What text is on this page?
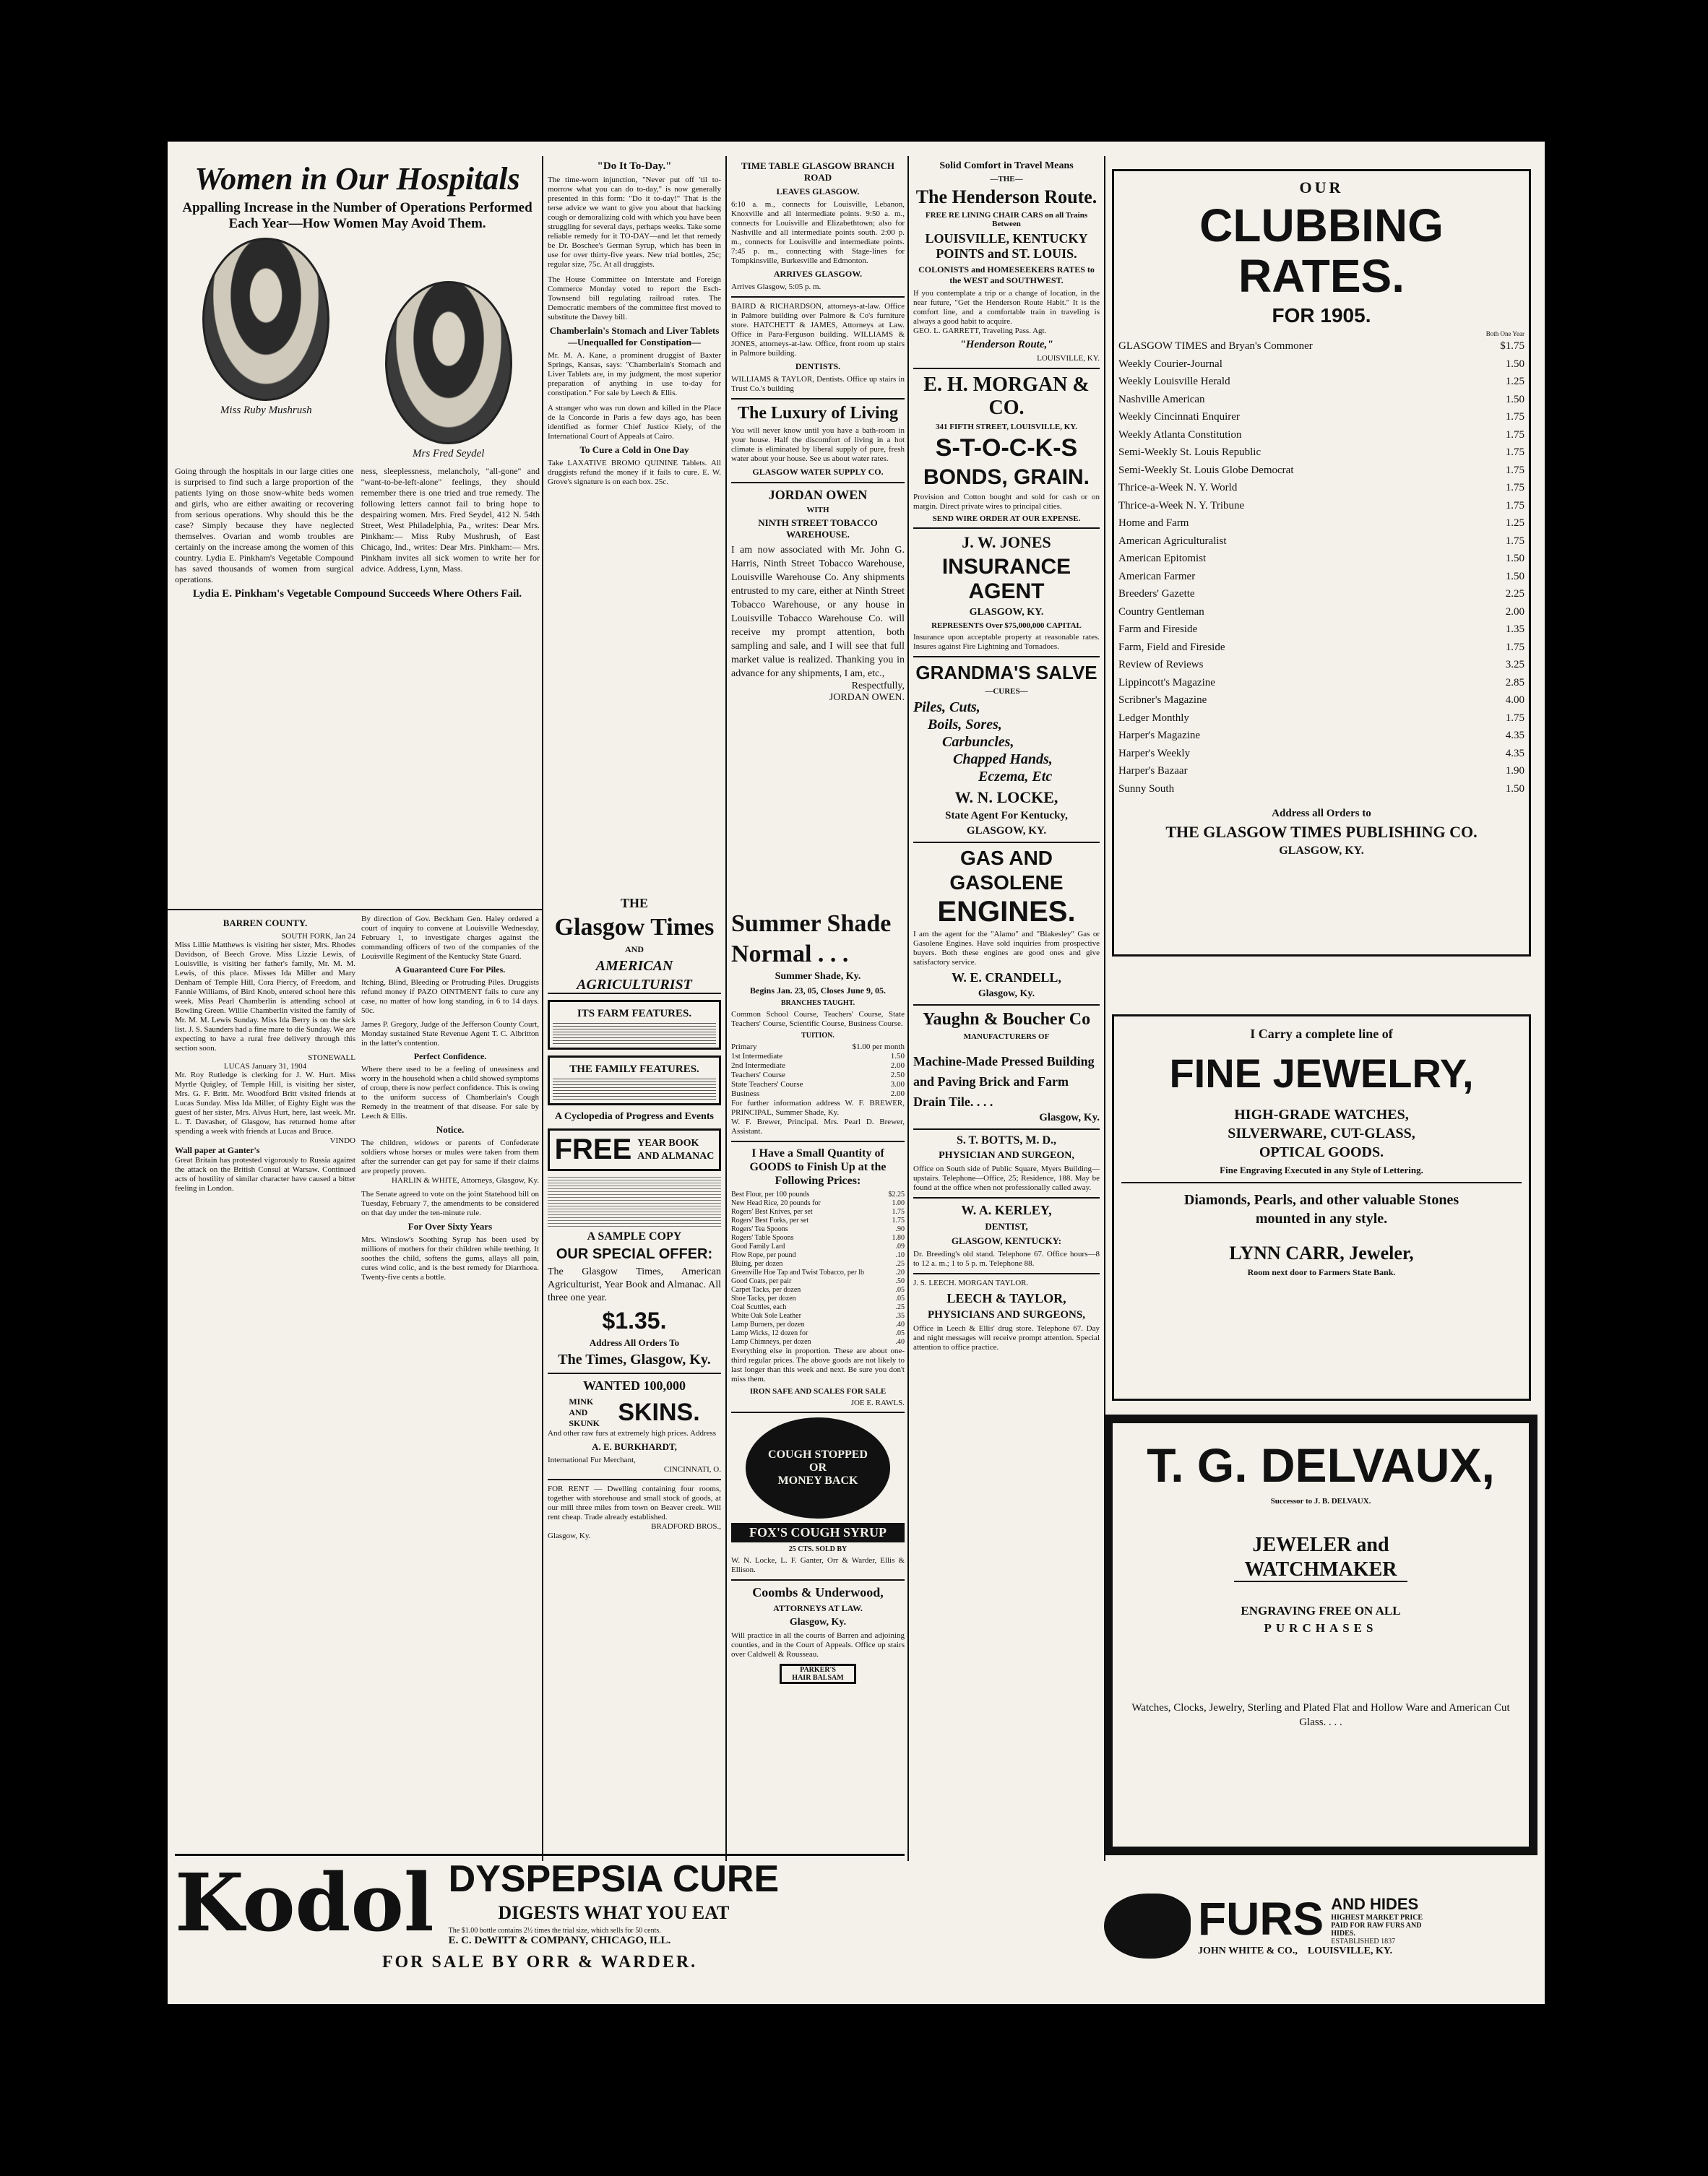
Women in Our Hospitals
Appalling Increase in the Number of Operations Performed Each Year—How Women May Avoid Them.
Miss Ruby Mushrush
Mrs Fred Seydel

Going through the hospitals in our large cities one is surprised to find such a large proportion of the patients lying on those snow-white beds women and girls, who are either awaiting or recovering from serious operations. Why should this be the case? Simply because they have neglected themselves. Ovarian and womb troubles are certainly on the increase among the women of this country. Lydia E. Pinkham's Vegetable Compound has saved thousands of women from surgical operations.

ness, sleeplessness, melancholy, "all-gone" and "want-to-be-left-alone" feelings, they should remember there is one tried and true remedy. The following letters cannot fail to bring hope to despairing women. Mrs. Fred Seydel, 412 N. 54th Street, West Philadelphia, Pa., writes: Dear Mrs. Pinkham:— Miss Ruby Mushrush, of East Chicago, Ind., writes: Dear Mrs. Pinkham:— Mrs. Pinkham invites all sick women to write her for advice. Address, Lynn, Mass.

Lydia E. Pinkham's Vegetable Compound Succeeds Where Others Fail.
"Do It To-Day."

The time-worn injunction, "Never put off 'til to-morrow what you can do to-day," is now generally presented in this form: "Do it to-day!" That is the terse advice we want to give you about that hacking cough or demoralizing cold with which you have been struggling for several days, perhaps weeks. Take some reliable remedy for it TO-DAY—and let that remedy be Dr. Boschee's German Syrup, which has been in use for over thirty-five years. New trial bottles, 25c; regular size, 75c. At all druggists.

The House Committee on Interstate and Foreign Commerce Monday voted to report the Esch-Townsend bill regulating railroad rates. The Democratic members of the committee first moved to substitute the Davey bill.

Chamberlain's Stomach and Liver Tablets —Unequalled for Constipation—

Mr. M. A. Kane, a prominent druggist of Baxter Springs, Kansas, says: "Chamberlain's Stomach and Liver Tablets are, in my judgment, the most superior preparation of anything in use to-day for constipation." For sale by Leech & Ellis.

A stranger who was run down and killed in the Place de la Concorde in Paris a few days ago, has been identified as former Chief Justice Kiely, of the International Court of Appeals at Cairo.

To Cure a Cold in One Day

Take LAXATIVE BROMO QUININE Tablets. All druggists refund the money if it fails to cure. E. W. Grove's signature is on each box. 25c.

TIME TABLE GLASGOW BRANCH ROAD
LEAVES GLASGOW.

6:10 a. m., connects for Louisville, Lebanon, Knoxville and all intermediate points. 9:50 a. m., connects for Louisville and Elizabethtown; also for Nashville and all intermediate points south. 2:00 p. m., connects for Louisville and intermediate points. 7:45 p. m., connecting with Stage-lines for Tompkinsville, Burkesville and Edmonton.

ARRIVES GLASGOW.

Arrives Glasgow, 5:05 p. m.

BAIRD & RICHARDSON, attorneys-at-law. Office in Palmore building over Palmore & Co's furniture store. HATCHETT & JAMES, Attorneys at Law. Office in Para-Ferguson building. WILLIAMS & JONES, attorneys-at-law. Office, front room up stairs in Palmore building.

DENTISTS.

WILLIAMS & TAYLOR, Dentists. Office up stairs in Trust Co.'s building

The Luxury of Living

You will never know until you have a bath-room in your house. Half the discomfort of living in a hot climate is eliminated by liberal supply of pure, fresh water about your house. See us about water rates.

GLASGOW WATER SUPPLY CO.
JORDAN OWEN
WITH
NINTH STREET TOBACCO WAREHOUSE.

I am now associated with Mr. John G. Harris, Ninth Street Tobacco Warehouse, Louisville Warehouse Co. Any shipments entrusted to my care, either at Ninth Street Tobacco Warehouse, or any house in Louisville Tobacco Warehouse Co. will receive my prompt attention, both sampling and sale, and I will see that full market value is realized. Thanking you in advance for any shipments, I am, etc.,

Respectfully,
JORDAN OWEN.
Solid Comfort in Travel Means
—THE—
The Henderson Route.
FREE RE LINING CHAIR CARS on all Trains Between
LOUISVILLE, KENTUCKY POINTS and ST. LOUIS.
COLONISTS and HOMESEEKERS RATES to the WEST and SOUTHWEST.

If you contemplate a trip or a change of location, in the near future, "Get the Henderson Route Habit." It is the comfort line, and a comfortable train in traveling is always a good habit to acquire.

GEO. L. GARRETT, Traveling Pass. Agt.
"Henderson Route,"
LOUISVILLE, KY.
E. H. MORGAN & CO.
341 FIFTH STREET, LOUISVILLE, KY.
S-T-O-C-K-S
BONDS, GRAIN.

Provision and Cotton bought and sold for cash or on margin. Direct private wires to principal cities.

SEND WIRE ORDER AT OUR EXPENSE.
J. W. JONES
INSURANCE AGENT
GLASGOW, KY.
REPRESENTS Over $75,000,000 CAPITAL

Insurance upon acceptable property at reasonable rates. Insures against Fire Lightning and Tornadoes.

GRANDMA'S SALVE
—CURES—
Piles, Cuts,
Boils, Sores,
Carbuncles,
Chapped Hands,
Eczema, Etc
W. N. LOCKE,
State Agent For Kentucky,
GLASGOW, KY.
GAS AND
GASOLENE
ENGINES.

I am the agent for the "Alamo" and "Blakesley" Gas or Gasolene Engines. Have sold inquiries from prospective buyers. Both these engines are good ones and give satisfactory service.

W. E. CRANDELL,
Glasgow, Ky.
Yaughn & Boucher Co
MANUFACTURERS OF
Machine-Made Pressed Building and Paving Brick and Farm Drain Tile. . . .
Glasgow, Ky.
S. T. BOTTS, M. D.,
PHYSICIAN AND SURGEON,

Office on South side of Public Square, Myers Building—upstairs. Telephone—Office, 25; Residence, 188. May be found at the office when not professionally called away.

W. A. KERLEY,
DENTIST,
GLASGOW, KENTUCKY:

Dr. Breeding's old stand. Telephone 67. Office hours—8 to 12 a. m.; 1 to 5 p. m. Telephone 88.

J. S. LEECH. MORGAN TAYLOR.
LEECH & TAYLOR,
PHYSICIANS AND SURGEONS,

Office in Leech & Ellis' drug store. Telephone 67. Day and night messages will receive prompt attention. Special attention to office practice.

BARREN COUNTY.
SOUTH FORK, Jan 24

Miss Lillie Matthews is visiting her sister, Mrs. Rhodes Davidson, of Beech Grove. Miss Lizzie Lewis, of Louisville, is visiting her father's family, Mr. M. M. Lewis, of this place. Misses Ida Miller and Mary Denham of Temple Hill, Cora Piercy, of Freedom, and Fannie Williams, of Bird Knob, entered school here this week. Miss Pearl Chamberlin is attending school at Bowling Green. Willie Chamberlin visited the family of Mr. M. M. Lewis Sunday. Miss Ida Berry is on the sick list. J. S. Saunders had a fine mare to die Sunday. We are expecting to have a rural free delivery through this section soon.

STONEWALL
LUCAS January 31, 1904

Mr. Roy Rutledge is clerking for J. W. Hurt. Miss Myrtle Quigley, of Temple Hill, is visiting her sister, Mrs. G. F. Britt. Mr. Woodford Britt visited friends at Lucas Sunday. Miss Ida Miller, of Eighty Eight was the guest of her sister, Mrs. Alvus Hurt, here, last week. Mr. L. T. Davasher, of Glasgow, has returned home after spending a week with friends at Lucas and Bruce.

VINDO
Wall paper at Ganter's

Great Britain has protested vigorously to Russia against the attack on the British Consul at Warsaw. Continued acts of hostility of similar character have caused a bitter feeling in London.

By direction of Gov. Beckham Gen. Haley ordered a court of inquiry to convene at Louisville Wednesday, February 1, to investigate charges against the commanding officers of two of the companies of the Louisville Regiment of the Kentucky State Guard.

A Guaranteed Cure For Piles.

Itching, Blind, Bleeding or Protruding Piles. Druggists refund money if PAZO OINTMENT fails to cure any case, no matter of how long standing, in 6 to 14 days. 50c.

James P. Gregory, Judge of the Jefferson County Court, Monday sustained State Revenue Agent T. C. Albritton in the latter's contention.

Perfect Confidence.

Where there used to be a feeling of uneasiness and worry in the household when a child showed symptoms of croup, there is now perfect confidence. This is owing to the uniform success of Chamberlain's Cough Remedy in the treatment of that disease. For sale by Leech & Ellis.

Notice.

The children, widows or parents of Confederate soldiers whose horses or mules were taken from them after the surrender can get pay for same if their claims are properly proven.

HARLIN & WHITE, Attorneys, Glasgow, Ky.

The Senate agreed to vote on the joint Statehood bill on Tuesday, February 7, the amendments to be considered on that day under the ten-minute rule.

For Over Sixty Years

Mrs. Winslow's Soothing Syrup has been used by millions of mothers for their children while teething. It soothes the child, softens the gums, allays all pain, cures wind colic, and is the best remedy for Diarrhoea. Twenty-five cents a bottle.

THE
Glasgow Times
AND
AMERICAN
AGRICULTURIST
ITS FARM FEATURES.
THE FAMILY FEATURES.
A Cyclopedia of Progress and Events
FREE YEAR BOOK
AND ALMANAC
A SAMPLE COPY
OUR SPECIAL OFFER:

The Glasgow Times, American Agriculturist, Year Book and Almanac. All three one year.

$1.35.
Address All Orders To
The Times, Glasgow, Ky.
WANTED 100,000
MINK AND SKUNK SKINS.

And other raw furs at extremely high prices. Address

A. E. BURKHARDT,
International Fur Merchant,
CINCINNATI, O.

FOR RENT — Dwelling containing four rooms, together with storehouse and small stock of goods, at our mill three miles from town on Beaver creek. Will rent cheap. Trade already established.

BRADFORD BROS.,
Glasgow, Ky.
Summer Shade
Normal . . .
Summer Shade, Ky.
Begins Jan. 23, 05, Closes June 9, 05.
BRANCHES TAUGHT.

Common School Course, Teachers' Course, State Teachers' Course, Scientific Course, Business Course.

TUITION.
Primary	$1.00 per month
1st Intermediate	1.50
2nd Intermediate	2.00
Teachers' Course	2.50
State Teachers' Course	3.00
Business	2.00

For further information address W. F. BREWER, PRINCIPAL, Summer Shade, Ky.

W. F. Brewer, Principal. Mrs. Pearl D. Brewer, Assistant.

I Have a Small Quantity of GOODS to Finish Up at the Following Prices:
Best Flour, per 100 pounds	$2.25
New Head Rice, 20 pounds for	1.00
Rogers' Best Knives, per set	1.75
Rogers' Best Forks, per set	1.75
Rogers' Tea Spoons	.90
Rogers' Table Spoons	1.80
Good Family Lard	.09
Flow Rope, per pound	.10
Bluing, per dozen	.25
Greenville Hoe Tap and Twist Tobacco, per lb	.20
Good Coats, per pair	.50
Carpet Tacks, per dozen	.05
Shoe Tacks, per dozen	.05
Coal Scuttles, each	.25
White Oak Sole Leather	.35
Lamp Burners, per dozen	.40
Lamp Wicks, 12 dozen for	.05
Lamp Chimneys, per dozen	.40

Everything else in proportion. These are about one-third regular prices. The above goods are not likely to last longer than this week and next. Be sure you don't miss them.

IRON SAFE AND SCALES FOR SALE
JOE E. RAWLS.
COUGH STOPPED
OR
MONEY BACK
FOX'S COUGH SYRUP
25 CTS. SOLD BY

W. N. Locke, L. F. Ganter, Orr & Warder, Ellis & Ellison.

Coombs & Underwood,
ATTORNEYS AT LAW.
Glasgow, Ky.

Will practice in all the courts of Barren and adjoining counties, and in the Court of Appeals. Office up stairs over Caldwell & Rousseau.

PARKER'S
HAIR BALSAM
OUR
CLUBBING RATES.
FOR 1905.
Both One Year
GLASGOW TIMES and Bryan's Commoner	$1.75
Weekly Courier-Journal	1.50
Weekly Louisville Herald	1.25
Nashville American	1.50
Weekly Cincinnati Enquirer	1.75
Weekly Atlanta Constitution	1.75
Semi-Weekly St. Louis Republic	1.75
Semi-Weekly St. Louis Globe Democrat	1.75
Thrice-a-Week N. Y. World	1.75
Thrice-a-Week N. Y. Tribune	1.75
Home and Farm	1.25
American Agriculturalist	1.75
American Epitomist	1.50
American Farmer	1.50
Breeders' Gazette	2.25
Country Gentleman	2.00
Farm and Fireside	1.35
Farm, Field and Fireside	1.75
Review of Reviews	3.25
Lippincott's Magazine	2.85
Scribner's Magazine	4.00
Ledger Monthly	1.75
Harper's Magazine	4.35
Harper's Weekly	4.35
Harper's Bazaar	1.90
Sunny South	1.50
Address all Orders to
THE GLASGOW TIMES PUBLISHING CO.
GLASGOW, KY.
I Carry a complete line of
FINE JEWELRY,
HIGH-GRADE WATCHES, SILVERWARE, CUT-GLASS, OPTICAL GOODS.
Fine Engraving Executed in any Style of Lettering.
Diamonds, Pearls, and other valuable Stones mounted in any style.
LYNN CARR, Jeweler,
Room next door to Farmers State Bank.
T. G. DELVAUX,
Successor to J. B. DELVAUX.
JEWELER and
WATCHMAKER
ENGRAVING FREE ON ALL
PURCHASES

Watches, Clocks, Jewelry, Sterling and Plated Flat and Hollow Ware and American Cut Glass. . . .

Kodol DYSPEPSIA CURE
DIGESTS WHAT YOU EAT
The $1.00 bottle contains 2½ times the trial size, which sells for 50 cents.
E. C. DeWITT & COMPANY, CHICAGO, ILL.
FOR SALE BY ORR & WARDER.
FURS AND HIDES
HIGHEST MARKET PRICE PAID FOR RAW FURS AND HIDES.
ESTABLISHED 1837
JOHN WHITE & CO., LOUISVILLE, KY.
